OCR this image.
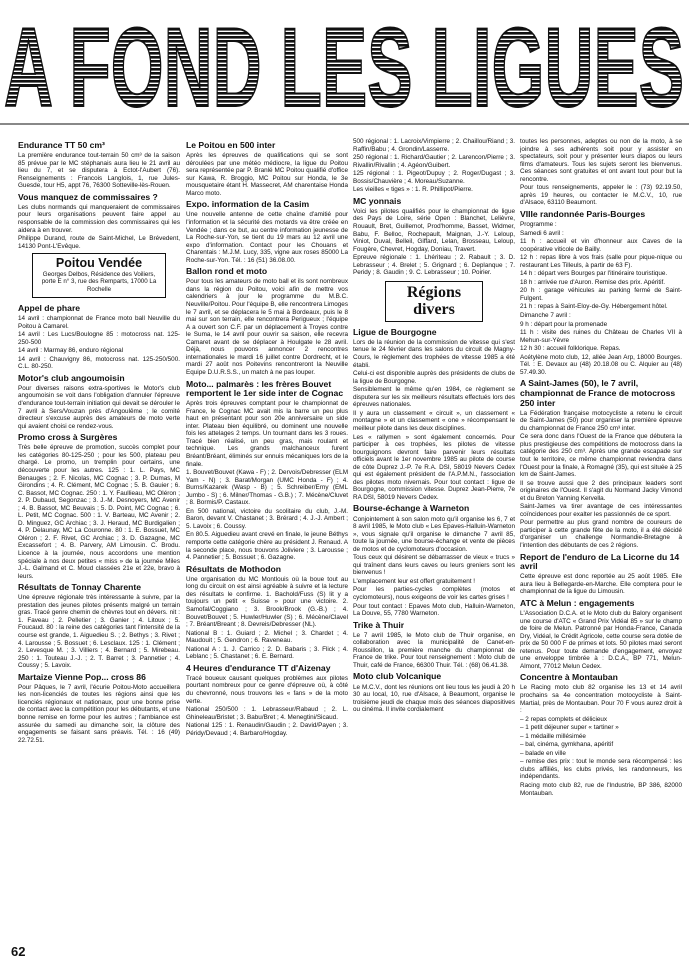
A FOND LES LIGUES
Endurance TT 50 cm³

La première endurance tout-terrain 50 cm³ de la saison 85 prévue par le MC stéphanais aura lieu le 21 avril au lieu du 7, et se disputera à Ectot-l'Aubert (76). Renseignements : Francois Langlois, 1, rue Jules-Guesde, tour H5, appt 76, 76300 Sotteville-lès-Rouen.

Vous manquez de commissaires ?

Les clubs normands qui manqueraient de commissaires pour leurs organisations peuvent faire appel au responsable de la commission des commissaires qui les aidera à en trouver.

Philippe Durand, route de Saint-Michel, Le Brévedent, 14130 Pont-L'Evêque.

Poitou Vendée
Georges Delbos, Résidence des Voiliers, porte E n° 3, rue des Remparts, 17000 La Rochelle
Appel de phare

14 avril : championnat de France moto ball Neuville du Poitou à Camarel.

14 avril : Les Lucs/Boulogne 85 : motocross nat. 125-250-500

14 avril : Marmay 86, enduro régional

14 avril : Chauvigny 86, motocross nat. 125-250/500. C.L. 80-250.

Motor's club angoumoisin

Pour diverses raisons extra-sportives le Motor's club angoumoisin se voit dans l'obligation d'annuler l'épreuve d'endurance tout-terrain initiation qui devait se dérouler le 7 avril à Sers/Vouzan près d'Angoulême ; le comité directeur s'excuse auprès des amateurs de moto verte qui avaient choisi ce rendez-vous.

Promo cross à Surgères

Très belle épreuve de promotion, succès complet pour les catégories 80-125-250 ; pour les 500, plateau peu chargé. Le promo, un tremplin pour certains, une découverte pour les autres. 125 : 1. L. Pays, MC Benauges ; 2. F. Nicolas, MC Cognac ; 3. P. Dumas, M Girondins ; 4. R. Clément, MC Cognac ; 5. B. Gauier ; 6. C. Bassot, MC Cognac. 250 : 1. Y. Faullieau, MC Oléron ; 2. P. Dubaud, Segonzac ; 3. J.-M. Desnoyers, MC Avenir ; 4. B. Bassot, MC Beuvais ; 5. D. Point, MC Cognac ; 6. L. Petit, MC Cognac. 500 : 1. V. Barteau, MC Avenir ; 2. D. Minguez, GC Archiac ; 3. J. Heraud, MC Burdigalien ; 4. P. Delaunay, MC La Couronne. 80 : 1. E. Bossuet, MC Oléron ; 2. F. Rivet, GC Archiac ; 3. D. Gazagne, MC Excassefort ; 4. B. Parvery, AM Limousin. C. Brodu. Licence à la journée, nous accordons une mention spéciale à nos deux petites « miss » de la journée Miles J.-L. Galmand et C. Moud classées 21e et 22e, bravo à leurs.

Résultats de Tonnay Charente

Une épreuve régionale très intéressante à suivre, par la prestation des jeunes pilotes présents malgré un terrain gras. Tracé genre chemin de chèvres tout en dévers. nit : 1. Faveau ; 2. Pelletier ; 3. Ganier ; 4. Litoux ; 5. Foucaud. 80 : la reine des catégories tant l'intensité de la course est grande, 1. Aiguedieu S. ; 2. Bethys ; 3. Rivet ; 4. Larousse ; 5. Bossuet ; 6. Lesclaux. 125 : 1. Clément ; 2. Levesque M. ; 3. Villiers ; 4. Bernard ; 5. Mirebeau. 250 : 1. Touteau J.-J. ; 2. T. Barret ; 3. Pannetier ; 4. Coussy ; 5. Lavoix.

Martaize Vienne Pop... cross 86

Pour Pâques, le 7 avril, l'écurie Poitou-Moto accueillera les non-licenciés de toutes les régions ainsi que les licenciés régionaux et nationaux, pour une bonne prise de contact avec la compétition pour les débutants, et une bonne remise en forme pour les autres ; l'ambiance est assurée du samedi au dimanche soir, la clôture des engagements se faisant sans préavis. Tél. : 16 (49) 22.72.51.

Le Poitou en 500 inter

Après les épreuves de qualifications qui se sont déroulées par une météo médiocre, la ligue du Poitou sera représentée par P. Branlé MC Poitou qualifié d'office sur Kawa, R. Broggio, MC Poitou sur Honda, le 3e mousquetaire étant H. Massecret, AM charentaise Honda Marco moto.

Expo. information de la Casim

Une nouvelle antenne de cette chaîne d'amitié pour l'information et la sécurité des motards va être créée en Vendée ; dans ce but, au centre information jeunesse de La Roche-sur-Yon, se tient du 19 mars au 12 avril une expo d'information. Contact pour les Chouans et Charentais : M.J.M. Lucy, 335, vigne aux roses 85000 La Roche-sur-Yon. Tél. : 16 (51) 36.08.00.

Ballon rond et moto

Pour tous les amateurs de moto ball et ils sont nombreux dans la région du Poitou, voici afin de mettre vos calendriers à jour le programme du M.B.C. Neuville/Poitou. Pour l'équipe B, elle rencontrera Limoges le 7 avril, et se déplacera le 5 mai à Bordeaux, puis le 8 mai sur son terrain, elle rencontrera Perigueux ; l'équipe A a ouvert son C.F. par un déplacement à Troyes contre le Suma, le 14 avril pour ouvrir sa saison, elle recevra Camaret avant de se déplacer à Houlgate le 28 avril. Déjà, nous pouvons annoncer 2 rencontres internationales le mardi 16 juillet contre Dordrecht, et le mardi 27 août nos Poitevins rencontreront la Neuville Equipe D.U.R.S.S., un match à ne pas louper.

Moto... palmarès : les frères Bouvet remportent le 1er side inter de Cognac

Après trois épreuves comptant pour le championnat de France, le Cognac MC avait mis la barre un peu plus haut en présentant pour son 20e anniversaire un side inter. Plateau bien équilibré, ou dominent une nouvelle fois les attelages 2 temps. Un tournant dans les 3 roues. Tracé bien réalisé, un peu gras, mais roulant et technique. Les grands malchanceux furent Bréant/Bréant, éliminés sur ennuis mécaniques lors de la finale.

1. Bouvet/Bouvet (Kawa - F) ; 2. Dervois/Debresser (ELM Yam - N) ; 3. Barat/Morgan (UMC Honda - F) ; 4. Burns/Kazarek (Wasp - B) ; 5. Schreiber/Erny (EML Jumbo - S) ; 6. Milner/Thomas - G.B.) ; 7. Mécène/Cluvet ; 8. Bormis/P. Castaux.

En 500 national, victoire du scolitaire du club, J.-M. Baron, devant V. Chastanet ; 3. Brérard ; 4. J.-J. Ambert ; 5. Lavoix ; 6. Coussy.

En 80.5. Aiguedieu avant crevé en finale, le jeune Béthys remporte cette catégorie chère au président J. Renaud. A la seconde place, nous trouvons Joliviere ; 3. Larousse ; 4. Pannetier ; 5. Bossuet ; 6. Gazagne.

Résultats de Mothodon

Une organisation du MC Montlouis où la boue tout au long du circuit on est ainsi agréable à suivre et la lecture des résultats le confirme. 1. Bachold/Fuss (S) lit y a toujours un petit « Suisse » pour une victoire. 2. Samofal/Coggiano ; 3. Brook/Brook (G.-B.) ; 4. Bouvet/Bouvet ; 5. Huwler/Huwler (S) ; 6. Mécène/Clavel ; 7. Bréant/Breant ; 8. Devreis/Debresser (NL).

National B : 1. Guiard ; 2. Michel ; 3. Chardet ; 4. Maudouit ; 5. Gendron ; 6. Raveneau.

National A : 1. J. Carrico ; 2. D. Babaris ; 3. Flick ; 4. Leblanc ; 5. Chastanet ; 6. E. Bernard.

4 Heures d'endurance TT d'Aizenay

Tracé boueux causant quelques problèmes aux pilotes pourtant nombreux pour ce genre d'épreuve où, à côté du chevronné, nous trouvons les « fans » de la moto verte.

National 250/500 : 1. Lebrasseur/Rabaud ; 2. L. Ghineleau/Bristet ; 3. Babu/Bret ; 4. Menegtini/Sicaud.

National 125 : 1. Renaudin/Gaudin ; 2. David/Payen ; 3. Péridy/Devaud ; 4. Barbaro/Hogday.

500 régional : 1. Lacroix/Vimpierre ; 2. Chaillou/Riand ; 3. Raffin/Babu ; 4. Grondin/Lasserre.

250 régional : 1. Richard/Gautier ; 2. Larencon/Pierre ; 3. Rivallin/Rivallin ; 4. Agéon/Guibert.

125 régional : 1. Pigeot/Dupuy ; 2. Roger/Dugast ; 3. Bossis/Chauvière ; 4. Moreau/Suzanne.

Les vieilles « tiges » : 1. R. Phillipot/Pierre.

MC yonnais

Voici les pilotes qualifiés pour le championnat de ligue des Pays de Loire, série Open : Blanchet, Lelièvre, Rouault, Bret, Guillemot, Prod'homme, Basset, Widmer, Babu, F. Belloc, Rochepault, Maignan, J.-Y. Leloup, Viniot, Duval, Belleil, Giffard, Lelan, Brosseau, Leloup, Fougère, Chevret, Hogday, Doniau, Travert.

Epreuve régionale : 1. Lhériteau ; 2. Rabault ; 3. D. Lebrasseur ; 4. Brelet ; 5. Grignard ; 6. Deplanque ; 7. Peridy ; 8. Gaudin ; 9. C. Lebrasseur ; 10. Poirier.

Régions divers
Ligue de Bourgogne

Lors de la réunion de la commission de vitesse qui s'est tenue le 24 février dans les salons du circuit de Magny-Cours, le règlement des trophées de vitesse 1985 a été établi.

Celui-ci est disponible auprès des présidents de clubs de la ligue de Bourgogne.

Sensiblement le même qu'en 1984, ce règlement se disputera sur les six meilleurs résultats effectués lors des épreuves nationales.

Il y aura un classement « circuit », un classement « montagne » et un classement « one » récompensant le meilleur pilote dans les deux disciplines.

Les « rallymen » sont également concernés. Pour participer à ces trophées, les pilotes de vitesse bourguignons devront faire parvenir leurs résultats officiels avant le 1er novembre 1985 au pilote de course de côte Duprez J.-P. 7e R.A. DSI, 58019 Nevers Cedex qui est également président de l'A.P.M.N., l'association des pilotes moto nivernais. Pour tout contact : ligue de Bourgogne, commission vitesse. Duprez Jean-Pierre, 7e RA DSI, 58019 Nevers Cedex.

Bourse-échange à Warneton

Conjointement à son salon moto qu'il organise les 6, 7 et 8 avril 1985, le Moto club « Les Epaves-Halluin-Warneton », vous signale qu'il organise le dimanche 7 avril 85, toute la journée, une bourse-échange et vente de pièces de motos et de cyclomoteurs d'occasion.

Tous ceux qui désirent se débarrasser de vieux « trucs » qui traînent dans leurs caves ou leurs greniers sont les bienvenus !

L'emplacement leur est offert gratuitement !

Pour les parties-cycles complètes (motos et cyclomoteurs), nous exigeons de voir les cartes grises !

Pour tout contact : Epaves Moto club, Halluin-Warneton, La Douve, 55, 7780 Warneton.

Trike à Thuir

Le 7 avril 1985, le Moto club de Thuir organise, en collaboration avec la municipalité de Canet-en-Roussillon, la première manche du championnat de France de trike. Pour tout renseignement : Moto club de Thuir, café de France, 66300 Thuir. Tél. : (68) 06.41.38.

Moto club Volcanique

Le M.C.V., dont les réunions ont lieu tous les jeudi à 20 h 30 au local, 10, rue d'Alsace, à Beaumont, organise le troisième jeudi de chaque mois des séances diapositives ou cinéma. Il invite cordialement

toutes les personnes, adeptes ou non de la moto, à se joindre à ses adhérents soit pour y assister en spectateurs, soit pour y présenter leurs diapos ou leurs films d'amateurs. Tous les sujets seront les bienvenus. Ces séances sont gratuites et ont avant tout pour but la rencontre.

Pour tous renseignements, appeler le : (73) 92.19.50, après 19 heures, ou contacter le M.C.V., 10, rue d'Alsace, 63110 Beaumont.

VIIIe randonnée Paris-Bourges

Programme :

Samedi 6 avril :

11 h : accueil et vin d'honneur aux Caves de la coopérative viticole de Bailly.

12 h : repas libre à vos frais (salle pour pique-nique ou restaurant Les Tilleuls, à partir de 63 F).

14 h : départ vers Bourges par l'itinéraire touristique.

18 h : arrivée rue d'Auron. Remise des prix. Apéritif.

20 h : garage véhicules au parking fermé de Saint-Fulgent.

21 h : repas à Saint-Eloy-de-Gy. Hébergement hôtel.

Dimanche 7 avril :

9 h : départ pour la promenade

11 h : visite des ruines du Château de Charles VII à Mehun-sur-Yèvre

12 h 30 : accueil folklorique. Repas.

Acétylène moto club, 12, allée Jean Arp, 18000 Bourges. Tél. : E. Devaux au (48) 20.18.08 ou C. Alquier au (48) 57.49.30.

A Saint-James (50), le 7 avril, championnat de France de motocross 250 inter

La Fédération française motocycliste a retenu le circuit de Saint-James (50) pour organiser la première épreuve du championnat de France 250 cm³ inter.

Ce sera donc dans l'Ouest de la France que débutera la plus prestigieuse des compétitions de motocross dans la catégorie des 250 cm³. Après une grande escapade sur tout le territoire, ce même championnat reviendra dans l'Ouest pour la finale, à Romagné (35), qui est située à 25 km de Saint-James.

Il se trouve aussi que 2 des principaux leaders sont originaires de l'Ouest. Il s'agit du Normand Jacky Vimond et du Breton Yanning Kervella.

Saint-James va tirer avantage de ces intéressantes coïncidences pour exalter les passionnés de ce sport.

Pour permettre au plus grand nombre de coureurs de participer à cette grande fête de la moto, il a été décidé d'organiser un challenge Normandie-Bretagne à l'intention des débutants de ces 2 régions.

Report de l'enduro de La Licorne du 14 avril

Cette épreuve est donc reportée au 25 août 1985. Elle aura lieu à Bellegarde-en-Marche. Elle comptera pour le championnat de la ligue du Limousin.

ATC à Melun : engagements

L'Association D.C.A. et le Moto club du Balory organisent une course d'ATC « Grand Prix Vidéal 85 » sur le champ de foire de Melun. Patronné par Honda-France, Canada Dry, Vidéal, le Crédit Agricole, cette course sera dotée de prix de 50 000 F de primes et lots. 50 pilotes maxi seront retenus. Pour toute demande d'engagement, envoyez une enveloppe timbrée à : D.C.A., BP 771, Melun-Almont, 77012 Melun Cedex.

Concentre à Montauban

Le Racing moto club 82 organise les 13 et 14 avril prochains sa 4e concentration motocycliste à Saint-Martial, près de Montauban. Pour 70 F vous aurez droit à :

– 2 repas complets et délicieux

– 1 petit déjeuner super « tartiner »

– 1 médaille millésimée

– bal, cinéma, gymkhana, apéritif

– balade en ville

– remise des prix : tout le monde sera récompensé : les clubs affiliés, les clubs privés, les randonneurs, les indépendants.

Racing moto club 82, rue de l'Industrie, BP 386, 82000 Montauban.

62
